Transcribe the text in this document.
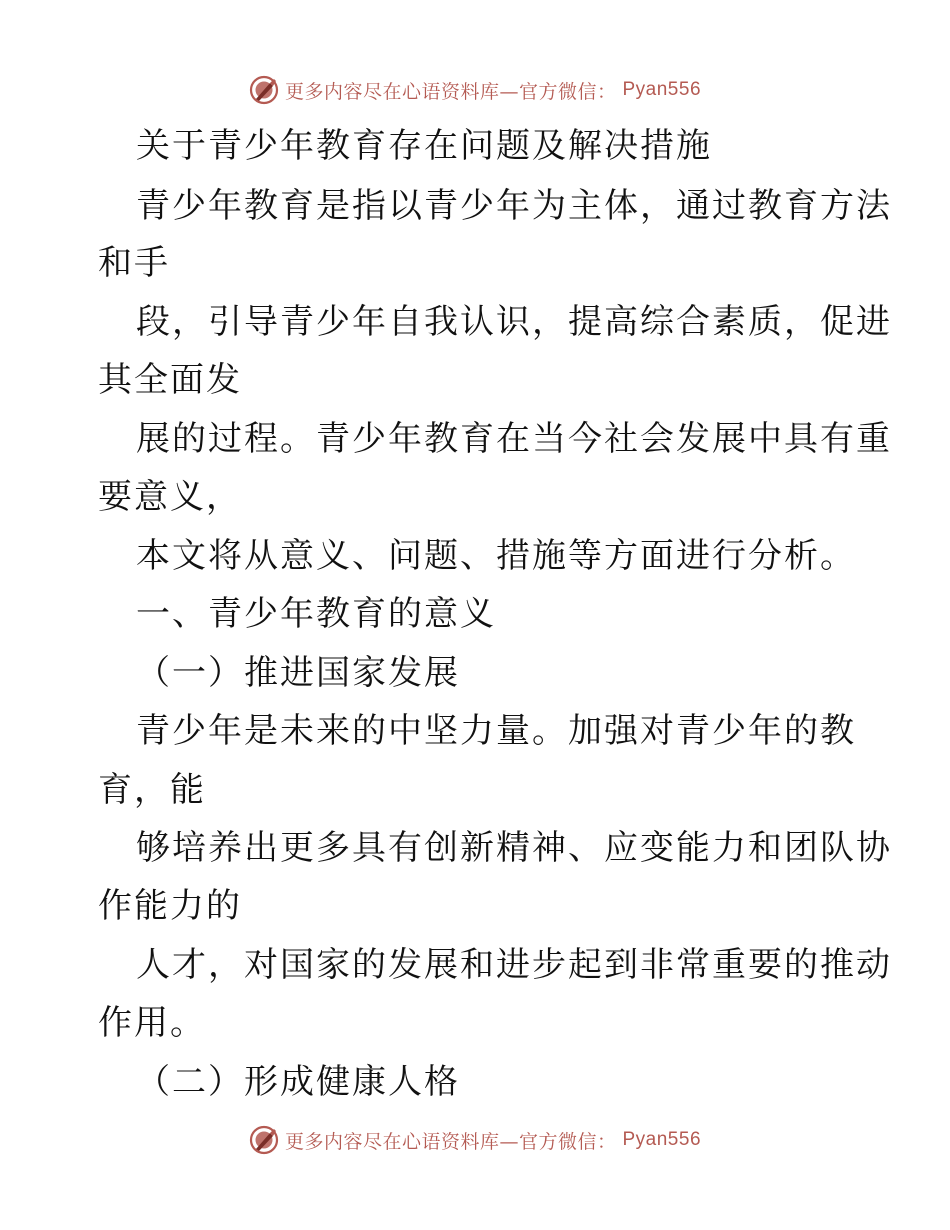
更多内容尽在心语资料库—官方微信： Pyan556
关于青少年教育存在问题及解决措施
青少年教育是指以青少年为主体，通过教育方法
和手
段，引导青少年自我认识，提高综合素质，促进
其全面发
展的过程。青少年教育在当今社会发展中具有重
要意义，
本文将从意义、问题、措施等方面进行分析。
一、青少年教育的意义
（一）推进国家发展
青少年是未来的中坚力量。加强对青少年的教
育，能
够培养出更多具有创新精神、应变能力和团队协
作能力的
人才，对国家的发展和进步起到非常重要的推动
作用。
（二）形成健康人格
更多内容尽在心语资料库—官方微信： Pyan556
